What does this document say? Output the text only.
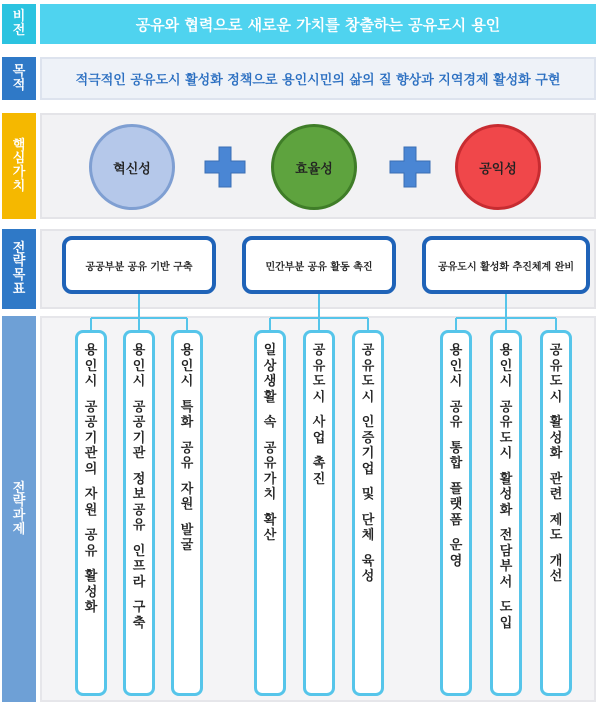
비
전	공유와 협력으로 새로운 가치를 창출하는 공유도시 용인
목
적	적극적인 공유도시 활성화 정책으로 용인시민의 삶의 질 향상과 지역경제 활성화 구현
핵
심
가
치
전
략
목
표
전
략
과
제
혁신성	효율성	공익성
공공부분 공유 기반 구축	민간부분 공유 활동 촉진	공유도시 활성화 추진체계 완비
용
인
시
공
공
기
관
의
자
원
공
유
활
성
화
용
인
시
공
공
기
관
정
보
공
유
인
프
라
구
축
용
인
시
특
화
공
유
자
원
발
굴
일
상
생
활
속
공
유
가
치
확
산
공
유
도
시
사
업
촉
진
공
유
도
시
인
증
기
업
및
단
체
육
성
용
인
시
공
유
통
합
플
랫
폼
운
영
용
인
시
공
유
도
시
활
성
화
전
담
부
서
도
입
공
유
도
시
활
성
화
관
련
제
도
개
선
